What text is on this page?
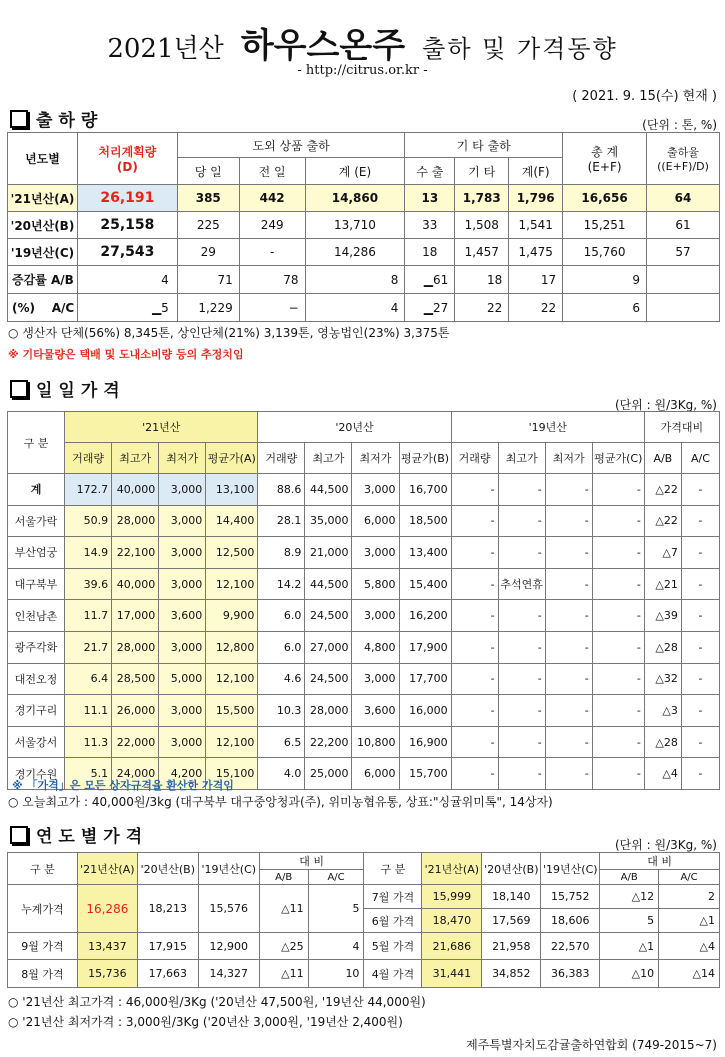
2021년산 하우스온주 출하 및 가격동향
- http://citrus.or.kr -
( 2021. 9. 15(수) 현재 )
출하량	(단위 : 톤, %)
년도별	처리계획량
(D)	도외 상품 출하			기 타 출하			총 계
(E+F)	출하율
((E+F)/D)
		당 일	전 일	계 (E)	수 출	기 타	계(F)		
'21년산(A)	26,191	385	442	14,860	13	1,783	1,796	16,656	64
'20년산(B)	25,158	225	249	13,710	33	1,508	1,541	15,251	61
'19년산(C)	27,543	29	-	14,286	18	1,457	1,475	15,760	57
증감률 A/B	4	71	78	8	▁61	18	17	9	
(%) A/C	▁5	1,229	−	4	▁27	22	22	6	
○ 생산자 단체(56%) 8,345톤, 상인단체(21%) 3,139톤, 영농법인(23%) 3,375톤
※ 기타물량은 택배 및 도내소비량 등의 추정치임
일일가격
(단위 : 원/3Kg, %)
구 분	'21년산				'20년산				'19년산				가격대비	
	거래량	최고가	최저가	평균가(A)	거래량	최고가	최저가	평균가(B)	거래량	최고가	최저가	평균가(C)	A/B	A/C
계	172.7	40,000	3,000	13,100	88.6	44,500	3,000	16,700	-	-	-	-	△22	-
서울가락	50.9	28,000	3,000	14,400	28.1	35,000	6,000	18,500	-	-	-	-	△22	-
부산엄궁	14.9	22,100	3,000	12,500	8.9	21,000	3,000	13,400	-	-	-	-	△7	-
대구북부	39.6	40,000	3,000	12,100	14.2	44,500	5,800	15,400	-	추석연휴	-	-	△21	-
인천남촌	11.7	17,000	3,600	9,900	6.0	24,500	3,000	16,200	-	-	-	-	△39	-
광주각화	21.7	28,000	3,000	12,800	6.0	27,000	4,800	17,900	-	-	-	-	△28	-
대전오정	6.4	28,500	5,000	12,100	4.6	24,500	3,000	17,700	-	-	-	-	△32	-
경기구리	11.1	26,000	3,000	15,500	10.3	28,000	3,600	16,000	-	-	-	-	△3	-
서울강서	11.3	22,000	3,000	12,100	6.5	22,200	10,800	16,900	-	-	-	-	△28	-
경기수원	5.1	24,000	4,200	15,100	4.0	25,000	6,000	15,700	-	-	-	-	△4	-
※ 「가격」은 모든 상자규격을 환산한 가격임
○ 오늘최고가 : 40,000원/3kg (대구북부 대구중앙청과(주), 위미농협유통, 상표:"싱귤위미톡", 14상자)
연도별가격	(단위 : 원/3Kg, %)
구 분	'21년산(A)	'20년산(B)	'19년산(C)	대 비		구 분	'21년산(A)	'20년산(B)	'19년산(C)	대 비	
				A/B	A/C					A/B	A/C
누계가격	16,286	18,213	15,576	△11	5	7월 가격	15,999	18,140	15,752	△12	2
						6월 가격	18,470	17,569	18,606	5	△1
9월 가격	13,437	17,915	12,900	△25	4	5월 가격	21,686	21,958	22,570	△1	△4
8월 가격	15,736	17,663	14,327	△11	10	4월 가격	31,441	34,852	36,383	△10	△14
○ '21년산 최고가격 : 46,000원/3Kg ('20년산 47,500원, '19년산 44,000원)
○ '21년산 최저가격 : 3,000원/3Kg ('20년산 3,000원, '19년산 2,400원)
제주특별자치도감귤출하연합회 (749-2015~7)
